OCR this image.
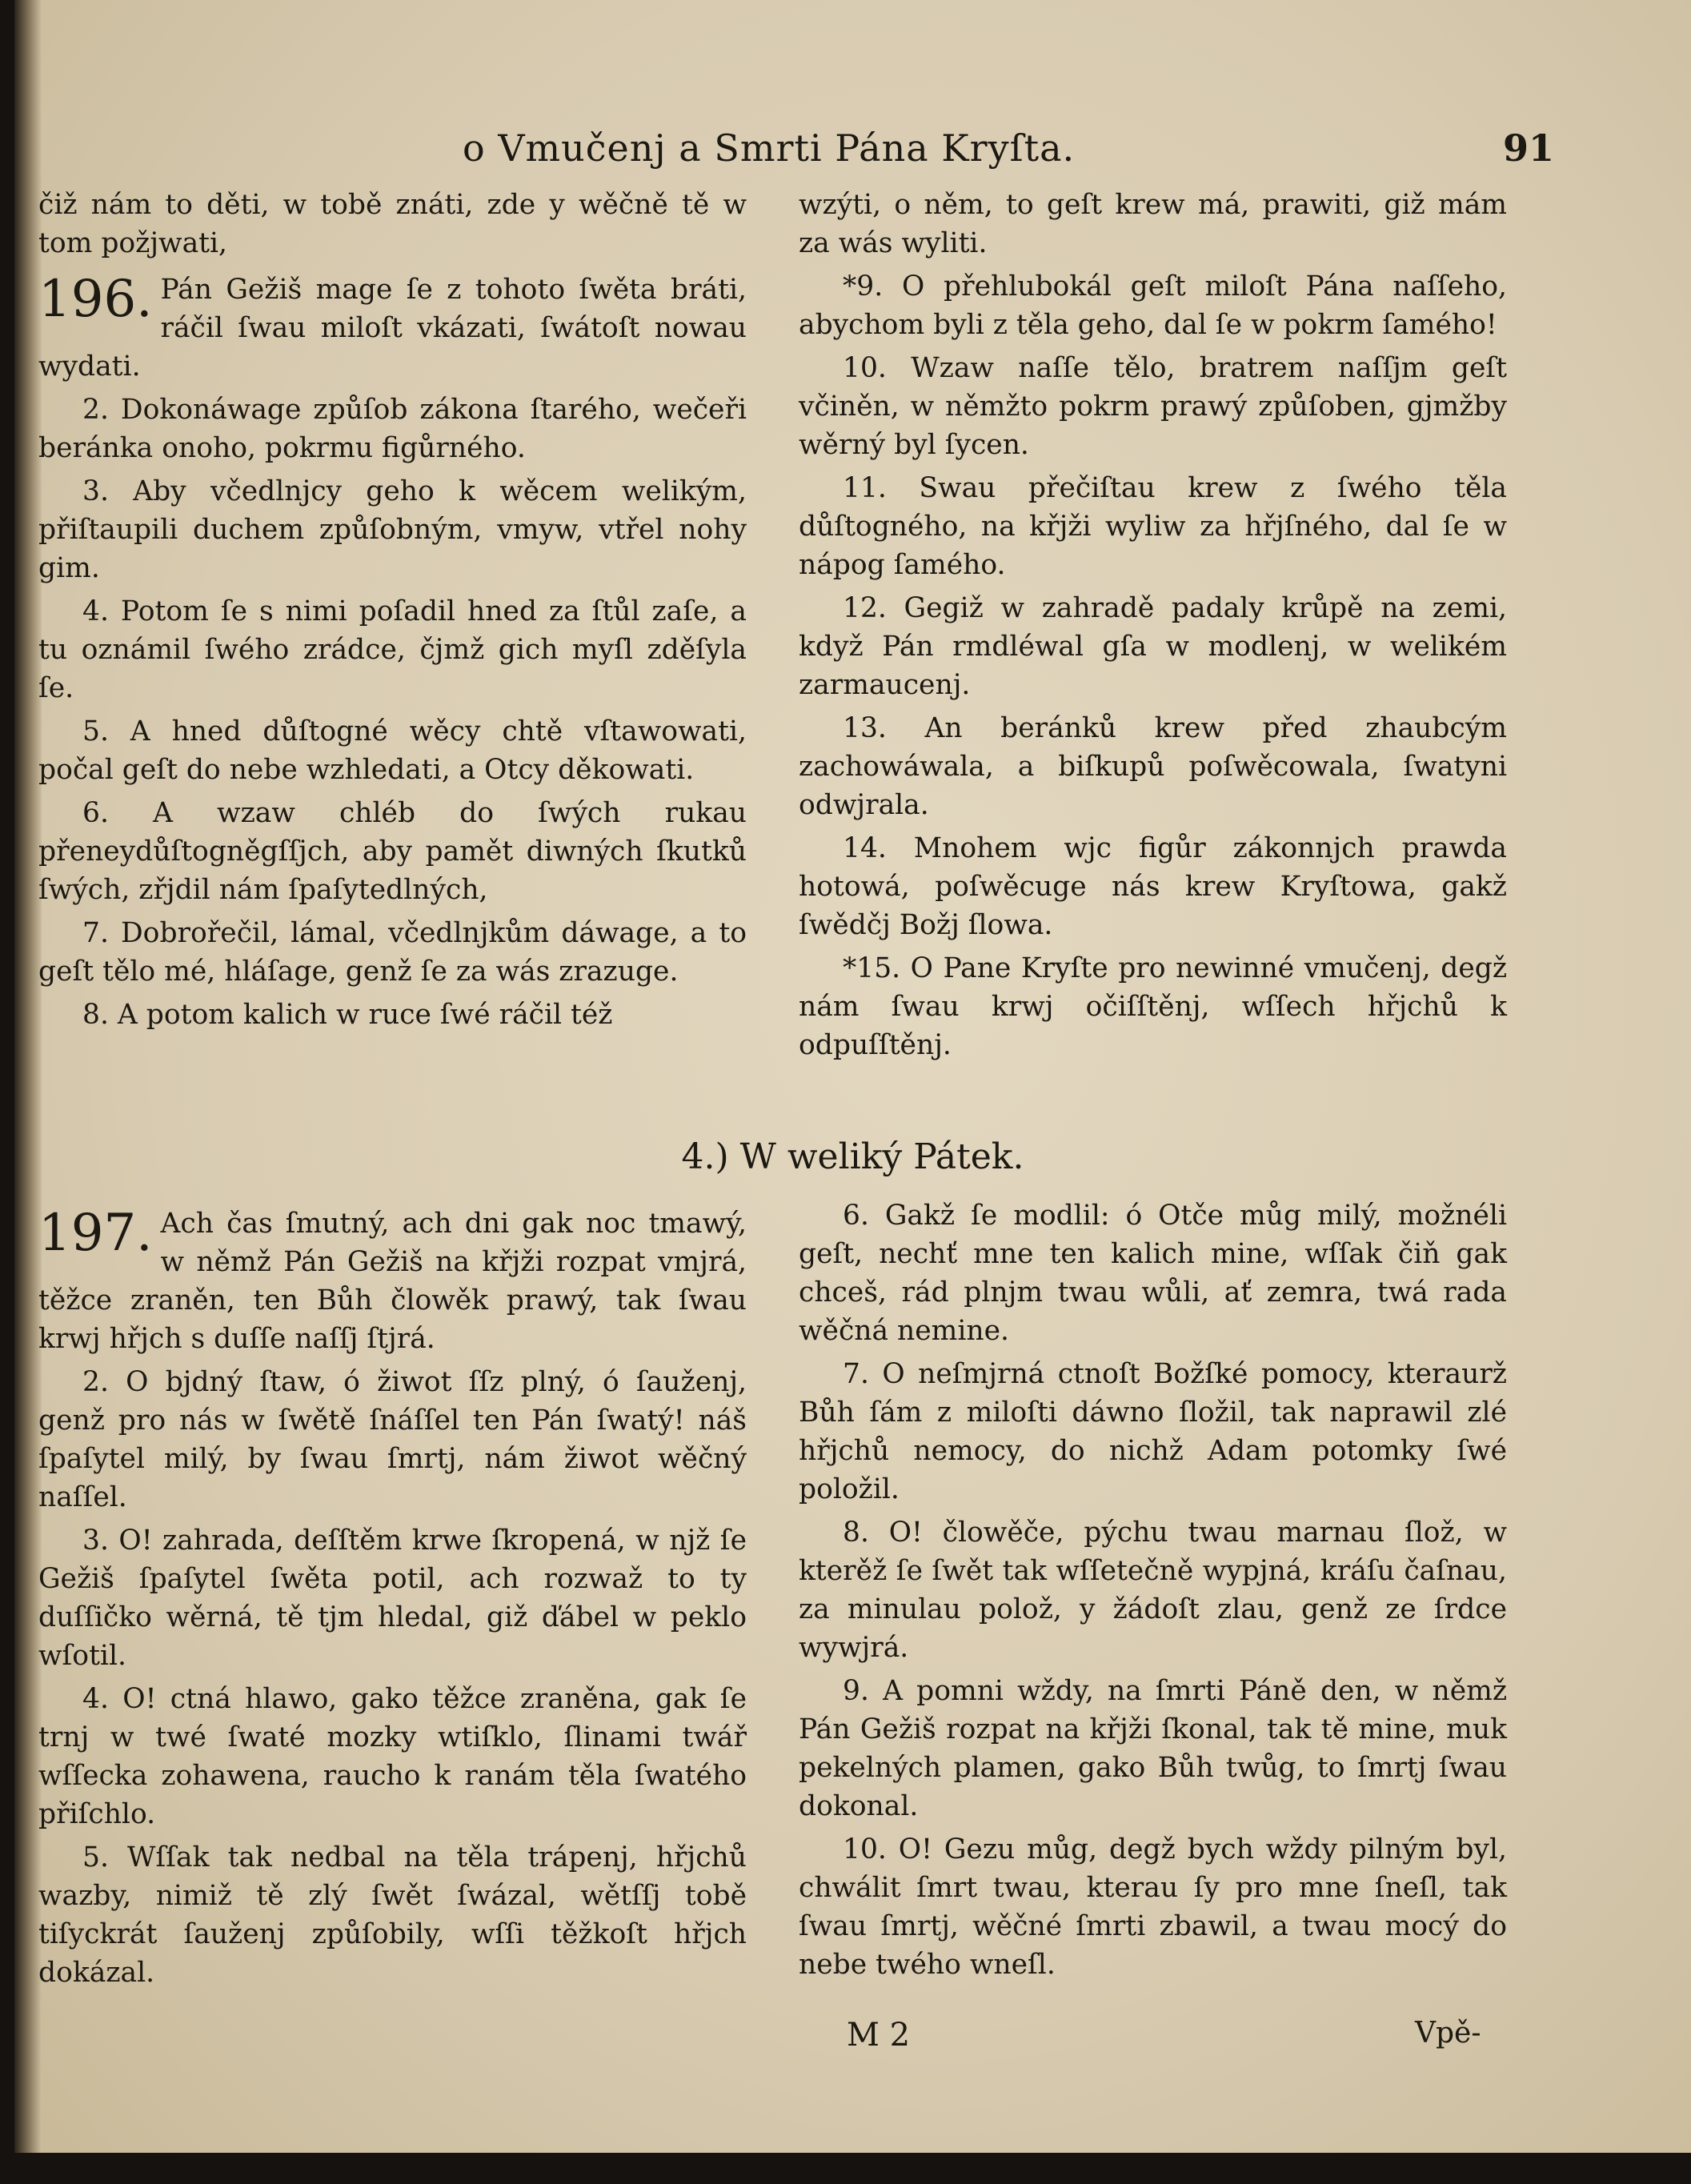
o Vmučenj a Smrti Pána Kryſta.	91

čiž nám to děti, w tobě znáti, zde y wěčně tě w tom požjwati,

196. Pán Gežiš mage ſe z tohoto ſwěta bráti, ráčil ſwau miloſt vkázati, ſwátoſt nowau wydati.

2. Dokonáwage způſob zákona ſtarého, wečeři beránka onoho, pokrmu figůrného.

3. Aby včedlnjcy geho k wěcem welikým, přiſtaupili duchem způſobným, vmyw, vtřel nohy gim.

4. Potom ſe s nimi poſadil hned za ſtůl zaſe, a tu oznámil ſwého zrádce, čjmž gich myſl zděſyla ſe.

5. A hned důſtogné wěcy chtě vſtawowati, počal geſt do nebe wzhledati, a Otcy děkowati.

6. A wzaw chléb do ſwých rukau přeneydůſtogněgſſjch, aby pamět diwných ſkutků ſwých, zřjdil nám ſpaſytedlných,

7. Dobrořečil, lámal, včedlnjkům dáwage, a to geſt tělo mé, hláſage, genž ſe za wás zrazuge.

8. A potom kalich w ruce ſwé ráčil též

wzýti, o něm, to geſt krew má, prawiti, giž mám za wás wyliti.

*9. O přehlubokál geſt miloſt Pána naſſeho, abychom byli z těla geho, dal ſe w pokrm ſamého!

10. Wzaw naſſe tělo, bratrem naſſjm geſt včiněn, w němžto pokrm prawý způſoben, gjmžby wěrný byl ſycen.

11. Swau přečiſtau krew z ſwého těla důſtogného, na křjži wyliw za hřjſného, dal ſe w nápog ſamého.

12. Gegiž w zahradě padaly krůpě na zemi, když Pán rmdléwal gſa w modlenj, w welikém zarmaucenj.

13. An beránků krew před zhaubcým zachowáwala, a biſkupů poſwěcowala, ſwatyni odwjrala.

14. Mnohem wjc figůr zákonnjch prawda hotowá, poſwěcuge nás krew Kryſtowa, gakž ſwědčj Božj ſlowa.

*15. O Pane Kryſte pro newinné vmučenj, degž nám ſwau krwj očiſſtěnj, wſſech hřjchů k odpuſſtěnj.

4.) W weliký Pátek.

197. Ach čas ſmutný, ach dni gak noc tmawý, w němž Pán Gežiš na křjži rozpat vmjrá, těžce zraněn, ten Bůh člowěk prawý, tak ſwau krwj hřjch s duſſe naſſj ſtjrá.

2. O bjdný ſtaw, ó žiwot ſſz plný, ó ſauženj, genž pro nás w ſwětě ſnáſſel ten Pán ſwatý! náš ſpaſytel milý, by ſwau ſmrtj, nám žiwot wěčný naſſel.

3. O! zahrada, deſſtěm krwe ſkropená, w njž ſe Gežiš ſpaſytel ſwěta potil, ach rozwaž to ty duſſičko wěrná, tě tjm hledal, giž ďábel w peklo wſotil.

4. O! ctná hlawo, gako těžce zraněna, gak ſe trnj w twé ſwaté mozky wtiſklo, ſlinami twář wſſecka zohawena, rauchо k ranám těla ſwatého přiſchlo.

5. Wſſak tak nedbal na těla trápenj, hřjchů wazby, nimiž tě zlý ſwět ſwázal, wětſſj tobě tiſyckrát ſauženj způſobily, wſſi těžkoſt hřjch dokázal.

6. Gakž ſe modlil: ó Otče můg milý, možnéli geſt, nechť mne ten kalich mine, wſſak čiň gak chceš, rád plnjm twau wůli, ať zemra, twá rada wěčná nemine.

7. O neſmjrná ctnoſt Božſké pomocy, kteraurž Bůh ſám z miloſti dáwno ſložil, tak naprawil zlé hřjchů nemocy, do nichž Adam potomky ſwé položil.

8. O! člowěče, pýchu twau marnau ſlož, w kterěž ſe ſwět tak wſſetečně wypjná, kráſu čaſnau, za minulau polož, y žádoſt zlau, genž ze ſrdce wywjrá.

9. A pomni wždy, na ſmrti Páně den, w němž Pán Gežiš rozpat na křjži ſkonal, tak tě mine, muk pekelných plamen, gako Bůh twůg, to ſmrtj ſwau dokonal.

10. O! Gezu můg, degž bych wždy pilným byl, chwálit ſmrt twau, kterau ſy pro mne ſneſl, tak ſwau ſmrtj, wěčné ſmrti zbawil, a twau mocý do nebe twého wneſl.

M 2	Vpě-
